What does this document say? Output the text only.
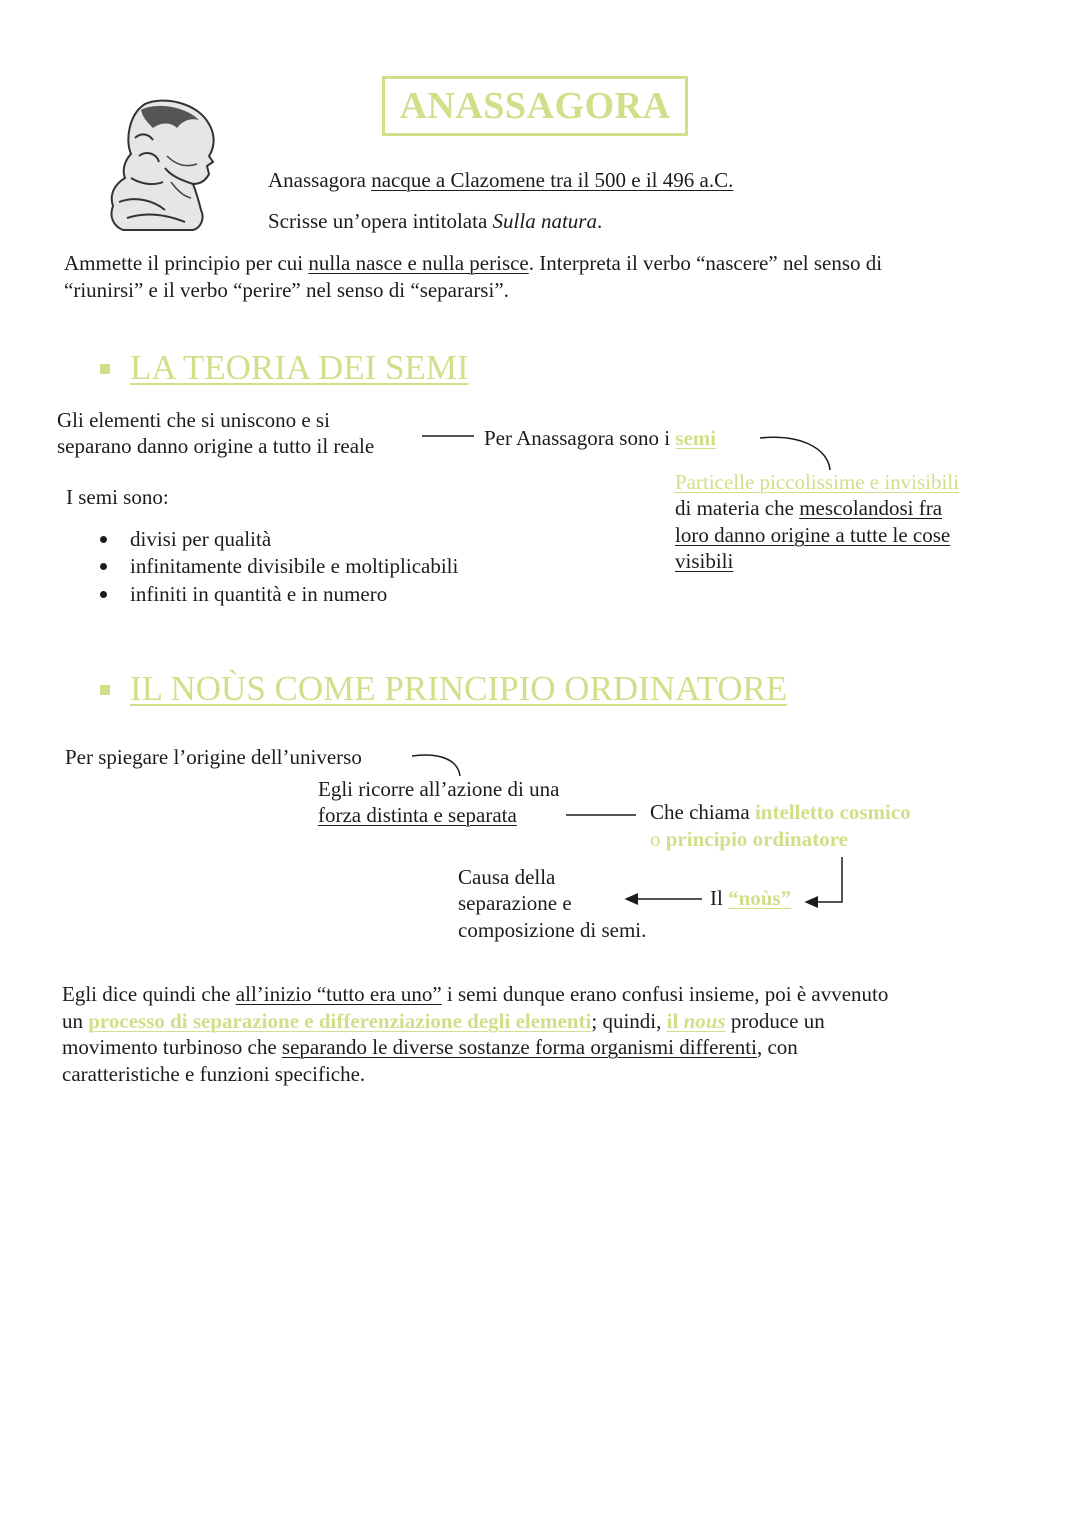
ANASSAGORA
Anassagora nacque a Clazomene tra il 500 e il 496 a.C.
Scrisse un’opera intitolata Sulla natura.
Ammette il principio per cui nulla nasce e nulla perisce. Interpreta il verbo “nascere” nel senso di
“riunirsi” e il verbo “perire” nel senso di “separarsi”.
LA TEORIA DEI SEMI
Gli elementi che si uniscono e si
separano danno origine a tutto il reale	Per Anassagora sono i semi
Particelle piccolissime e invisibili
di materia che mescolandosi fra
loro danno origine a tutte le cose
visibili
I semi sono:
divisi per qualità
infinitamente divisibile e moltiplicabili
infiniti in quantità e in numero
IL NOÙS COME PRINCIPIO ORDINATORE
Per spiegare l’origine dell’universo
Egli ricorre all’azione di una
forza distinta e separata	Che chiama intelletto cosmico
o principio ordinatore
Il “noùs”
Causa della
separazione e
composizione di semi.
Egli dice quindi che all’inizio “tutto era uno” i semi dunque erano confusi insieme, poi è avvenuto
un processo di separazione e differenziazione degli elementi; quindi, il nous produce un
movimento turbinoso che separando le diverse sostanze forma organismi differenti, con
caratteristiche e funzioni specifiche.
